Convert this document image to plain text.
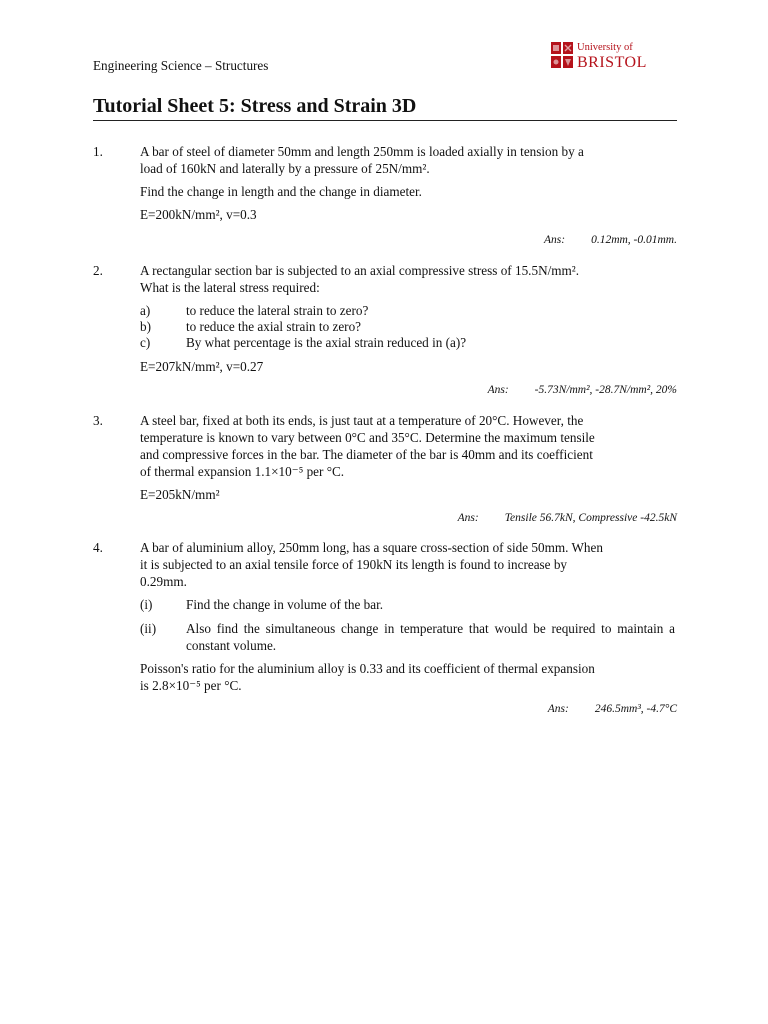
Engineering Science – Structures
University of
BRISTOL
Tutorial Sheet 5: Stress and Strain 3D
1.	A bar of steel of diameter 50mm and length 250mm is loaded axially in tension by a
load of 160kN and laterally by a pressure of 25N/mm².
Find the change in length and the change in diameter.
E=200kN/mm², v=0.3
Ans: 0.12mm, -0.01mm.
2.	A rectangular section bar is subjected to an axial compressive stress of 15.5N/mm².
What is the lateral stress required:
a)	to reduce the lateral strain to zero?
b)	to reduce the axial strain to zero?
c)	By what percentage is the axial strain reduced in (a)?
E=207kN/mm², v=0.27
Ans: -5.73N/mm², -28.7N/mm², 20%
3.	A steel bar, fixed at both its ends, is just taut at a temperature of 20°C. However, the
temperature is known to vary between 0°C and 35°C. Determine the maximum tensile
and compressive forces in the bar. The diameter of the bar is 40mm and its coefficient
of thermal expansion 1.1×10⁻⁵ per °C.
E=205kN/mm²
Ans: Tensile 56.7kN, Compressive -42.5kN
4.	A bar of aluminium alloy, 250mm long, has a square cross-section of side 50mm. When
it is subjected to an axial tensile force of 190kN its length is found to increase by
0.29mm.
(i)	Find the change in volume of the bar.
(ii) Also find the simultaneous change in temperature that would be required to maintain a constant volume.
Poisson's ratio for the aluminium alloy is 0.33 and its coefficient of thermal expansion
is 2.8×10⁻⁵ per °C.
Ans: 246.5mm³, -4.7°C
